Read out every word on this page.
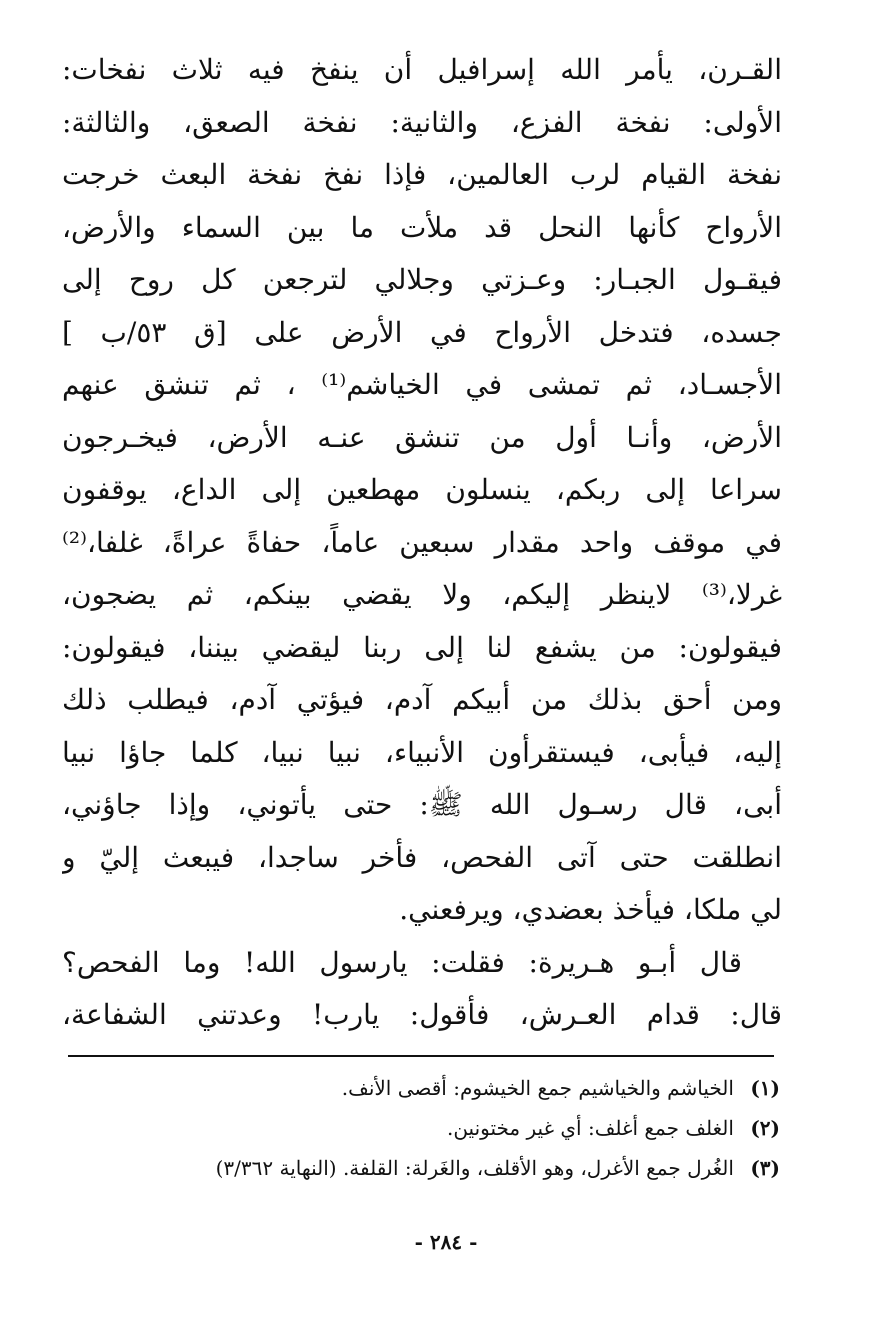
القـرن، يأمر الله إسرافيل أن ينفخ فيه ثلاث نفخات:
الأولى: نفخة الفزع، والثانية: نفخة الصعق، والثالثة:
نفخة القيام لرب العالمين، فإذا نفخ نفخة البعث خرجت
الأرواح كأنها النحل قد ملأت ما بين السماء والأرض،
فيقـول الجبـار: وعـزتي وجلالي لترجعن كل روح إلى
جسده، فتدخل الأرواح في الأرض على [ق ٥٣/ب ]
الأجسـاد، ثم تمشى في الخياشم⁽¹⁾ ، ثم تنشق عنهم
الأرض، وأنـا أول من تنشق عنـه الأرض، فيخـرجون
سراعا إلى ربكم، ينسلون مهطعين إلى الداع، يوقفون
في موقف واحد مقدار سبعين عاماً، حفاةً عراةً، غلفا،⁽²⁾
غرلا،⁽³⁾ لاينظر إليكم، ولا يقضي بينكم، ثم يضجون،
فيقولون: من يشفع لنا إلى ربنا ليقضي بيننا، فيقولون:
ومن أحق بذلك من أبيكم آدم، فيؤتي آدم، فيطلب ذلك
إليه، فيأبى، فيستقرأون الأنبياء، نبيا نبيا، كلما جاؤا نبيا
أبى، قال رسـول الله ﷺ: حتى يأتوني، وإذا جاؤني،
انطلقت حتى آتى الفحص، فأخر ساجدا، فيبعث إليّ و
لي ملكا، فيأخذ بعضدي، ويرفعني.
قال أبـو هـريرة: فقلت: يارسول الله! وما الفحص؟
قال: قدام العـرش، فأقول: يارب! وعدتني الشفاعة،
(١) الخياشم والخياشيم جمع الخيشوم: أقصى الأنف.
(٢) الغلف جمع أغلف: أي غير مختونين.
(٣) الغُرل جمع الأغرل، وهو الأقلف، والغَرلة: القلفة. (النهاية ٣/٣٦٢)
- ٢٨٤ -
